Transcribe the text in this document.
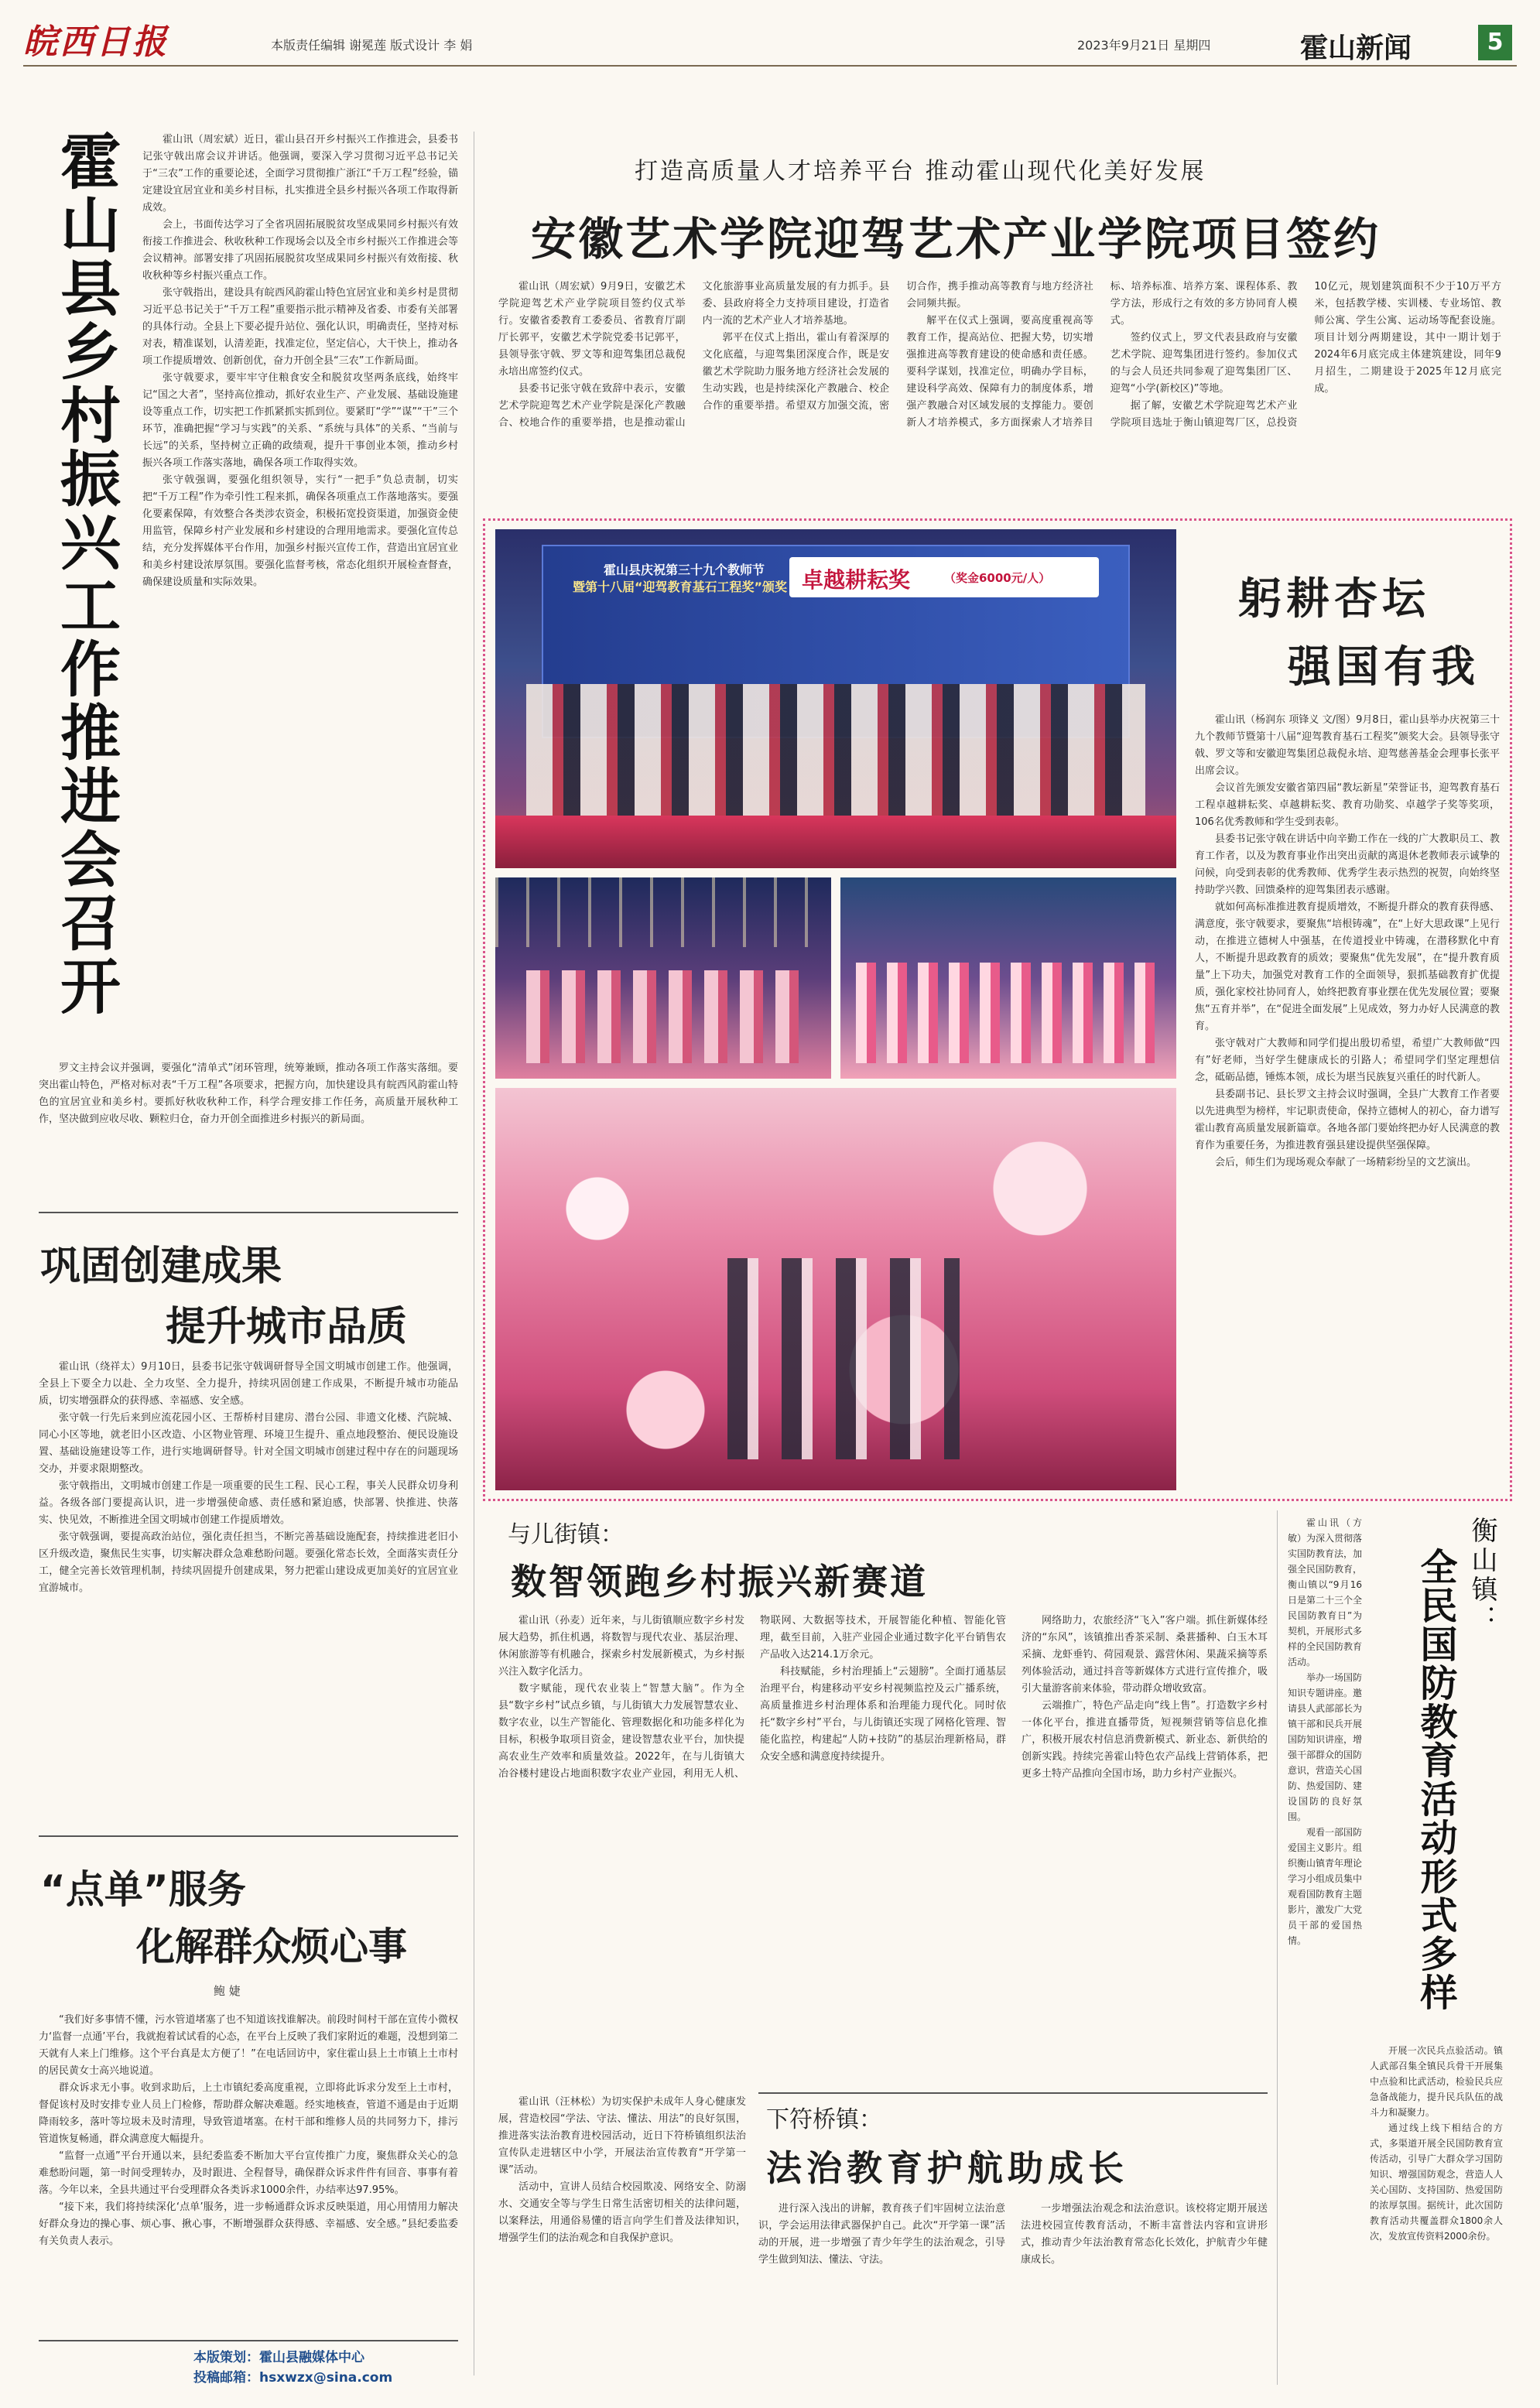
皖西日报	本版责任编辑 谢冕莲 版式设计 李 娟	2023年9月21日 星期四	霍山新闻	5
霍山县乡村振兴工作推进会召开	霍山讯（周宏斌）近日，霍山县召开乡村振兴工作推进会，县委书记张守戟出席会议并讲话。他强调，要深入学习贯彻习近平总书记关于“三农”工作的重要论述，全面学习贯彻推广浙江“千万工程”经验，锚定建设宜居宜业和美乡村目标，扎实推进全县乡村振兴各项工作取得新成效。

会上，书面传达学习了全省巩固拓展脱贫攻坚成果同乡村振兴有效衔接工作推进会、秋收秋种工作现场会以及全市乡村振兴工作推进会等会议精神。部署安排了巩固拓展脱贫攻坚成果同乡村振兴有效衔接、秋收秋种等乡村振兴重点工作。

张守戟指出，建设具有皖西风韵霍山特色宜居宜业和美乡村是贯彻习近平总书记关于“千万工程”重要指示批示精神及省委、市委有关部署的具体行动。全县上下要必提升站位、强化认识，明确责任，坚持对标对表，精准谋划，认清差距，找准定位，坚定信心，大干快上，推动各项工作提质增效、创新创优，奋力开创全县“三农”工作新局面。

张守戟要求，要牢牢守住粮食安全和脱贫攻坚两条底线，始终牢记“国之大者”，坚持高位推动，抓好农业生产、产业发展、基础设施建设等重点工作，切实把工作抓紧抓实抓到位。要紧盯“学”“谋”“干”三个环节，准确把握“学习与实践”的关系、“系统与具体”的关系、“当前与长远”的关系，坚持树立正确的政绩观，提升干事创业本领，推动乡村振兴各项工作落实落地，确保各项工作取得实效。

张守戟强调，要强化组织领导，实行“一把手”负总责制，切实把“千万工程”作为牵引性工程来抓，确保各项重点工作落地落实。要强化要素保障，有效整合各类涉农资金，积极拓宽投资渠道，加强资金使用监管，保障乡村产业发展和乡村建设的合理用地需求。要强化宣传总结，充分发挥媒体平台作用，加强乡村振兴宣传工作，营造出宜居宜业和美乡村建设浓厚氛围。要强化监督考核，常态化组织开展检查督查，确保建设质量和实际效果。

罗文主持会议并强调，要强化“清单式”闭环管理，统筹兼顾，推动各项工作落实落细。要突出霍山特色，严格对标对表“千万工程”各项要求，把握方向，加快建设具有皖西风韵霍山特色的宜居宜业和美乡村。要抓好秋收秋种工作，科学合理安排工作任务，高质量开展秋种工作，坚决做到应收尽收、颗粒归仓，奋力开创全面推进乡村振兴的新局面。

巩固创建成果
提升城市品质

霍山讯（绕祥太）9月10日，县委书记张守戟调研督导全国文明城市创建工作。他强调，全县上下要全力以赴、全力攻坚、全力提升，持续巩固创建工作成果，不断提升城市功能品质，切实增强群众的获得感、幸福感、安全感。

张守戟一行先后来到应流花园小区、王帮桥村目建房、潜台公园、非遗文化楼、汽院城、同心小区等地，就老旧小区改造、小区物业管理、环境卫生提升、重点地段整治、便民设施设置、基础设施建设等工作，进行实地调研督导。针对全国文明城市创建过程中存在的问题现场交办，并要求限期整改。

张守戟指出，文明城市创建工作是一项重要的民生工程、民心工程，事关人民群众切身利益。各级各部门要提高认识，进一步增强使命感、责任感和紧迫感，快部署、快推进、快落实、快见效，不断推进全国文明城市创建工作提质增效。

张守戟强调，要提高政治站位，强化责任担当，不断完善基础设施配套，持续推进老旧小区升级改造，聚焦民生实事，切实解决群众急难愁盼问题。要强化常态长效，全面落实责任分工，健全完善长效管理机制，持续巩固提升创建成果，努力把霍山建设成更加美好的宜居宜业宜游城市。

“点单”服务
化解群众烦心事
鲍 婕

“我们好多事情不懂，污水管道堵塞了也不知道该找谁解决。前段时间村干部在宣传小微权力‘监督一点通’平台，我就抱着试试看的心态，在平台上反映了我们家附近的难题，没想到第二天就有人来上门维修。这个平台真是太方便了！”在电话回访中，家住霍山县上土市镇上土市村的居民黄女士高兴地说道。

群众诉求无小事。收到求助后，上土市镇纪委高度重视，立即将此诉求分发至上土市村，督促该村及时安排专业人员上门检修，帮助群众解决难题。经实地核查，管道不通是由于近期降雨较多，落叶等垃圾未及时清理，导致管道堵塞。在村干部和维修人员的共同努力下，排污管道恢复畅通，群众满意度大幅提升。

“监督一点通”平台开通以来，县纪委监委不断加大平台宣传推广力度，聚焦群众关心的急难愁盼问题，第一时间受理转办，及时跟进、全程督导，确保群众诉求件件有回音、事事有着落。今年以来，全县共通过平台受理群众各类诉求1000余件，办结率达97.95%。

“接下来，我们将持续深化‘点单’服务，进一步畅通群众诉求反映渠道，用心用情用力解决好群众身边的操心事、烦心事、揪心事，不断增强群众获得感、幸福感、安全感。”县纪委监委有关负责人表示。

本版策划：霍山县融媒体中心
投稿邮箱：hsxwzx@sina.com
打造高质量人才培养平台 推动霍山现代化美好发展
安徽艺术学院迎驾艺术产业学院项目签约

霍山讯（周宏斌）9月9日，安徽艺术学院迎驾艺术产业学院项目签约仪式举行。安徽省委教育工委委员、省教育厅副厅长郭平，安徽艺术学院党委书记郭平，县领导张守戟、罗文等和迎驾集团总裁倪永培出席签约仪式。

县委书记张守戟在致辞中表示，安徽艺术学院迎驾艺术产业学院是深化产教融合、校地合作的重要举措，也是推动霍山文化旅游事业高质量发展的有力抓手。县委、县政府将全力支持项目建设，打造省内一流的艺术产业人才培养基地。

郭平在仪式上指出，霍山有着深厚的文化底蕴，与迎驾集团深度合作，既是安徽艺术学院助力服务地方经济社会发展的生动实践，也是持续深化产教融合、校企合作的重要举措。希望双方加强交流，密切合作，携手推动高等教育与地方经济社会同频共振。

解平在仪式上强调，要高度重视高等教育工作，提高站位、把握大势，切实增强推进高等教育建设的使命感和责任感。要科学谋划，找准定位，明确办学目标，建设科学高效、保障有力的制度体系，增强产教融合对区域发展的支撑能力。要创新人才培养模式，多方面探索人才培养目标、培养标准、培养方案、课程体系、教学方法，形成行之有效的多方协同育人模式。

签约仪式上，罗文代表县政府与安徽艺术学院、迎驾集团进行签约。参加仪式的与会人员还共同参观了迎驾集团厂区、迎驾“小学(新校区)”等地。

据了解，安徽艺术学院迎驾艺术产业学院项目选址于衡山镇迎驾厂区，总投资10亿元，规划建筑面积不少于10万平方米，包括教学楼、实训楼、专业场馆、教师公寓、学生公寓、运动场等配套设施。项目计划分两期建设，其中一期计划于2024年6月底完成主体建筑建设，同年9月招生，二期建设于2025年12月底完成。

霍山县庆祝第三十九个教师节
暨第十八届“迎驾教育基石工程奖”颁奖 卓越耕耘奖	（奖金6000元/人）	躬耕杏坛
强国有我

霍山讯（杨润东 项锋义 文/图）9月8日，霍山县举办庆祝第三十九个教师节暨第十八届“迎驾教育基石工程奖”颁奖大会。县领导张守戟、罗文等和安徽迎驾集团总裁倪永培、迎驾慈善基金会理事长张平出席会议。

会议首先颁发安徽省第四届“教坛新星”荣誉证书，迎驾教育基石工程卓越耕耘奖、卓越耕耘奖、教育功勋奖、卓越学子奖等奖项，106名优秀教师和学生受到表彰。

县委书记张守戟在讲话中向辛勤工作在一线的广大教职员工、教育工作者，以及为教育事业作出突出贡献的离退休老教师表示诚挚的问候，向受到表彰的优秀教师、优秀学生表示热烈的祝贺，向始终坚持助学兴教、回馈桑梓的迎驾集团表示感谢。

就如何高标准推进教育提质增效，不断提升群众的教育获得感、满意度，张守戟要求，要聚焦“培根铸魂”，在“上好大思政课”上见行动，在推进立德树人中强基，在传道授业中铸魂，在潜移默化中育人，不断提升思政教育的质效；要聚焦“优先发展”，在“提升教育质量”上下功夫，加强党对教育工作的全面领导，狠抓基础教育扩优提质，强化家校社协同育人，始终把教育事业摆在优先发展位置；要聚焦“五育并举”，在“促进全面发展”上见成效，努力办好人民满意的教育。

张守戟对广大教师和同学们提出殷切希望，希望广大教师做“四有”好老师，当好学生健康成长的引路人；希望同学们坚定理想信念，砥砺品德，锤炼本领，成长为堪当民族复兴重任的时代新人。

县委副书记、县长罗文主持会议时强调，全县广大教育工作者要以先进典型为榜样，牢记职责使命，保持立德树人的初心，奋力谱写霍山教育高质量发展新篇章。各地各部门要始终把办好人民满意的教育作为重要任务，为推进教育强县建设提供坚强保障。

会后，师生们为现场观众奉献了一场精彩纷呈的文艺演出。

与儿街镇：
数智领跑乡村振兴新赛道

霍山讯（孙麦）近年来，与儿街镇顺应数字乡村发展大趋势，抓住机遇，将数智与现代农业、基层治理、休闲旅游等有机融合，探索乡村发展新模式，为乡村振兴注入数字化活力。

数字赋能，现代农业装上“智慧大脑”。作为全县“数字乡村”试点乡镇，与儿街镇大力发展智慧农业、数字农业，以生产智能化、管理数据化和功能多样化为目标，积极争取项目资金，建设智慧农业平台，加快提高农业生产效率和质量效益。2022年，在与儿街镇大冶谷楼村建设占地面积数字农业产业园，利用无人机、物联网、大数据等技术，开展智能化种植、智能化管理，截至目前，入驻产业园企业通过数字化平台销售农产品收入达214.1万余元。

科技赋能，乡村治理插上“云翅膀”。全面打通基层治理平台，构建移动平安乡村视频监控及云广播系统，高质量推进乡村治理体系和治理能力现代化。同时依托“数字乡村”平台，与儿街镇还实现了网格化管理、智能化监控，构建起“人防+技防”的基层治理新格局，群众安全感和满意度持续提升。

网络助力，农旅经济“飞入”客户端。抓住新媒体经济的“东风”，该镇推出香茶采制、桑葚播种、白玉木耳采摘、龙虾垂钓、荷园观景、露营休闲、果蔬采摘等系列体验活动，通过抖音等新媒体方式进行宣传推介，吸引大量游客前来体验，带动群众增收致富。

云端推广，特色产品走向“线上售”。打造数字乡村一体化平台，推进直播带货，短视频营销等信息化推广，积极开展农村信息消费新模式、新业态、新供给的创新实践。持续完善霍山特色农产品线上营销体系，把更多土特产品推向全国市场，助力乡村产业振兴。

霍山讯（方敏）为深入贯彻落实国防教育法，加强全民国防教育，衡山镇以“9月16日是第二十三个全民国防教育日”为契机，开展形式多样的全民国防教育活动。

举办一场国防知识专题讲座。邀请县人武部部长为镇干部和民兵开展国防知识讲座，增强干部群众的国防意识，营造关心国防、热爱国防、建设国防的良好氛围。

观看一部国防爱国主义影片。组织衡山镇青年理论学习小组成员集中观看国防教育主题影片，激发广大党员干部的爱国热情。

衡山镇：
全民国防教育活动形式多样

开展一次民兵点验活动。镇人武部召集全镇民兵骨干开展集中点验和比武活动，检验民兵应急备战能力，提升民兵队伍的战斗力和凝聚力。

通过线上线下相结合的方式，多渠道开展全民国防教育宣传活动，引导广大群众学习国防知识、增强国防观念，营造人人关心国防、支持国防、热爱国防的浓厚氛围。据统计，此次国防教育活动共覆盖群众1800余人次，发放宣传资料2000余份。

下符桥镇：
法治教育护航助成长

霍山讯（汪林松）为切实保护未成年人身心健康发展，营造校园“学法、守法、懂法、用法”的良好氛围，推进落实法治教育进校园活动，近日下符桥镇组织法治宣传队走进辖区中小学，开展法治宣传教育“开学第一课”活动。

活动中，宣讲人员结合校园欺凌、网络安全、防溺水、交通安全等与学生日常生活密切相关的法律问题，以案释法，用通俗易懂的语言向学生们普及法律知识，增强学生们的法治观念和自我保护意识。

进行深入浅出的讲解，教育孩子们牢固树立法治意识，学会运用法律武器保护自己。此次“开学第一课”活动的开展，进一步增强了青少年学生的法治观念，引导学生做到知法、懂法、守法。

一步增强法治观念和法治意识。该校将定期开展送法进校园宣传教育活动，不断丰富普法内容和宣讲形式，推动青少年法治教育常态化长效化，护航青少年健康成长。
